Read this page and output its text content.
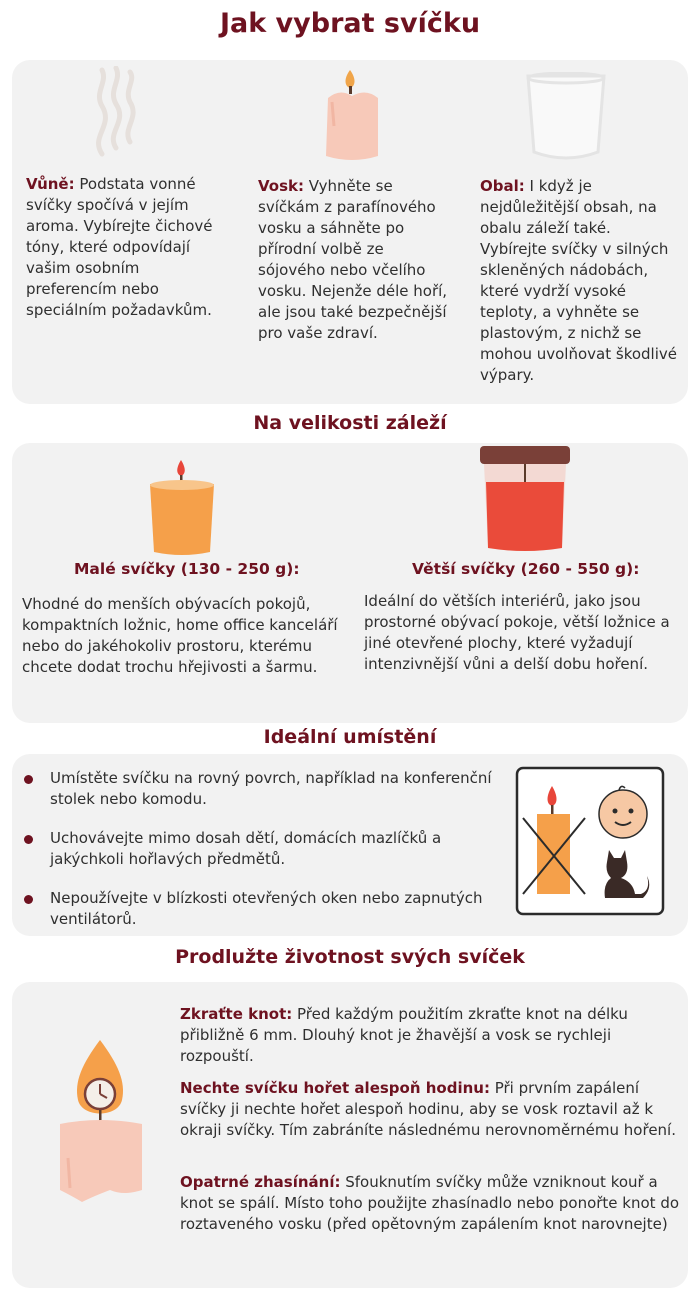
Jak vybrat svíčku
Vůně: Podstata vonné svíčky spočívá v jejím aroma. Vybírejte čichové tóny, které odpovídají vašim osobním preferencím nebo speciálním požadavkům.
Vosk: Vyhněte se svíčkám z parafínového vosku a sáhněte po přírodní volbě ze sójového nebo včelího vosku. Nejenže déle hoří, ale jsou také bezpečnější pro vaše zdraví.
Obal: I když je nejdůležitější obsah, na obalu záleží také. Vybírejte svíčky v silných skleněných nádobách, které vydrží vysoké teploty, a vyhněte se plastovým, z nichž se mohou uvolňovat škodlivé výpary.
Na velikosti záleží
Malé svíčky (130 - 250 g):	Větší svíčky (260 - 550 g):
Vhodné do menších obývacích pokojů, kompaktních ložnic, home office kanceláří nebo do jakéhokoliv prostoru, kterému chcete dodat trochu hřejivosti a šarmu.
Ideální do větších interiérů, jako jsou prostorné obývací pokoje, větší ložnice a jiné otevřené plochy, které vyžadují intenzivnější vůni a delší dobu hoření.
Ideální umístění
Umístěte svíčku na rovný povrch, například na konferenční stolek nebo komodu.
Uchovávejte mimo dosah dětí, domácích mazlíčků a jakýchkoli hořlavých předmětů.
Nepoužívejte v blízkosti otevřených oken nebo zapnutých ventilátorů.
Prodlužte životnost svých svíček
Zkraťte knot: Před každým použitím zkraťte knot na délku přibližně 6 mm. Dlouhý knot je žhavější a vosk se rychleji rozpouští.
Nechte svíčku hořet alespoň hodinu: Při prvním zapálení svíčky ji nechte hořet alespoň hodinu, aby se vosk roztavil až k okraji svíčky. Tím zabráníte následnému nerovnoměrnému hoření.
Opatrné zhasínání: Sfouknutím svíčky může vzniknout kouř a knot se spálí. Místo toho použijte zhasínadlo nebo ponořte knot do roztaveného vosku (před opětovným zapálením knot narovnejte)
